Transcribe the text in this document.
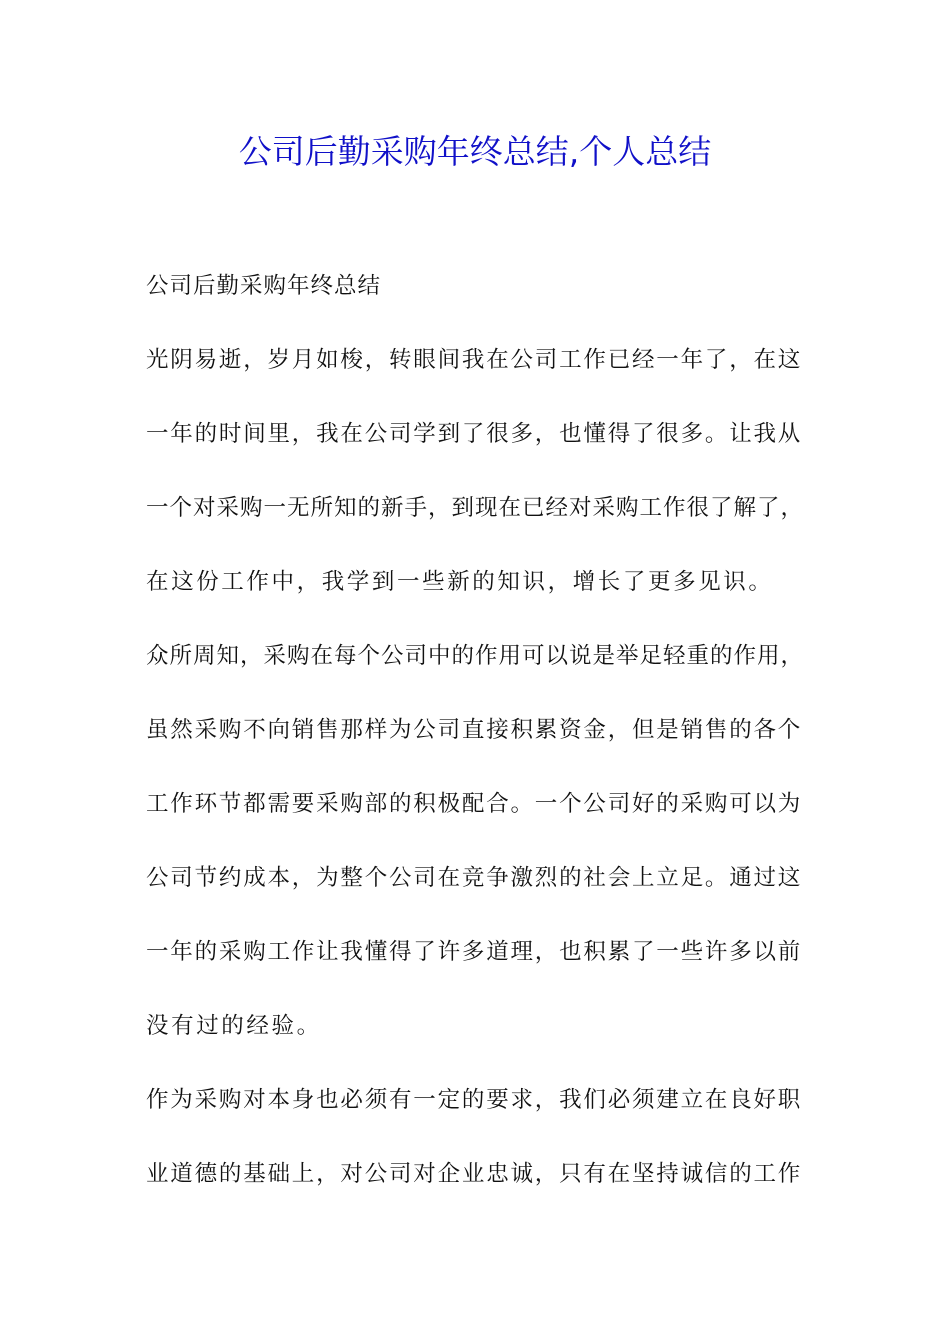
公司后勤采购年终总结,个人总结
公司后勤采购年终总结
光阴易逝，岁月如梭，转眼间我在公司工作已经一年了，在这
一年的时间里，我在公司学到了很多，也懂得了很多。让我从
一个对采购一无所知的新手，到现在已经对采购工作很了解了，
在这份工作中，我学到一些新的知识，增长了更多见识。
众所周知，采购在每个公司中的作用可以说是举足轻重的作用，
虽然采购不向销售那样为公司直接积累资金，但是销售的各个
工作环节都需要采购部的积极配合。一个公司好的采购可以为
公司节约成本，为整个公司在竞争激烈的社会上立足。通过这
一年的采购工作让我懂得了许多道理，也积累了一些许多以前
没有过的经验。
作为采购对本身也必须有一定的要求，我们必须建立在良好职
业道德的基础上，对公司对企业忠诚，只有在坚持诚信的工作
